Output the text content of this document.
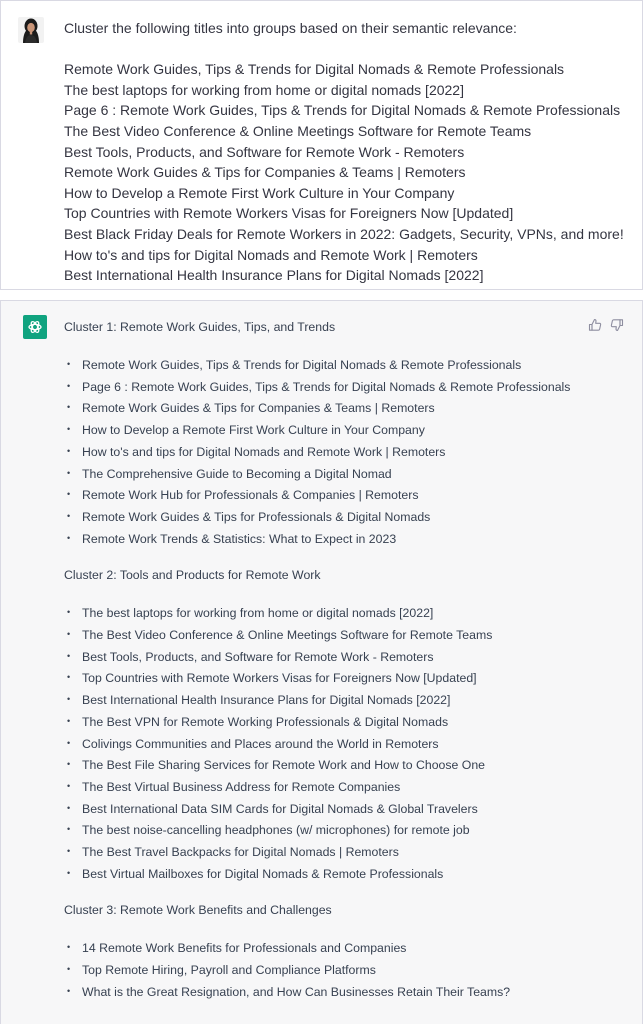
Cluster the following titles into groups based on their semantic relevance:
Remote Work Guides, Tips & Trends for Digital Nomads & Remote Professionals
The best laptops for working from home or digital nomads [2022]
Page 6 : Remote Work Guides, Tips & Trends for Digital Nomads & Remote Professionals
The Best Video Conference & Online Meetings Software for Remote Teams
Best Tools, Products, and Software for Remote Work - Remoters
Remote Work Guides & Tips for Companies & Teams | Remoters
How to Develop a Remote First Work Culture in Your Company
Top Countries with Remote Workers Visas for Foreigners Now [Updated]
Best Black Friday Deals for Remote Workers in 2022: Gadgets, Security, VPNs, and more!
How to's and tips for Digital Nomads and Remote Work | Remoters
Best International Health Insurance Plans for Digital Nomads [2022]
Cluster 1: Remote Work Guides, Tips, and Trends
• Remote Work Guides, Tips & Trends for Digital Nomads & Remote Professionals
• Page 6 : Remote Work Guides, Tips & Trends for Digital Nomads & Remote Professionals
• Remote Work Guides & Tips for Companies & Teams | Remoters
• How to Develop a Remote First Work Culture in Your Company
• How to's and tips for Digital Nomads and Remote Work | Remoters
• The Comprehensive Guide to Becoming a Digital Nomad
• Remote Work Hub for Professionals & Companies | Remoters
• Remote Work Guides & Tips for Professionals & Digital Nomads
• Remote Work Trends & Statistics: What to Expect in 2023
Cluster 2: Tools and Products for Remote Work
• The best laptops for working from home or digital nomads [2022]
• The Best Video Conference & Online Meetings Software for Remote Teams
• Best Tools, Products, and Software for Remote Work - Remoters
• Top Countries with Remote Workers Visas for Foreigners Now [Updated]
• Best International Health Insurance Plans for Digital Nomads [2022]
• The Best VPN for Remote Working Professionals & Digital Nomads
• Colivings Communities and Places around the World in Remoters
• The Best File Sharing Services for Remote Work and How to Choose One
• The Best Virtual Business Address for Remote Companies
• Best International Data SIM Cards for Digital Nomads & Global Travelers
• The best noise-cancelling headphones (w/ microphones) for remote job
• The Best Travel Backpacks for Digital Nomads | Remoters
• Best Virtual Mailboxes for Digital Nomads & Remote Professionals
Cluster 3: Remote Work Benefits and Challenges
• 14 Remote Work Benefits for Professionals and Companies
• Top Remote Hiring, Payroll and Compliance Platforms
• What is the Great Resignation, and How Can Businesses Retain Their Teams?
